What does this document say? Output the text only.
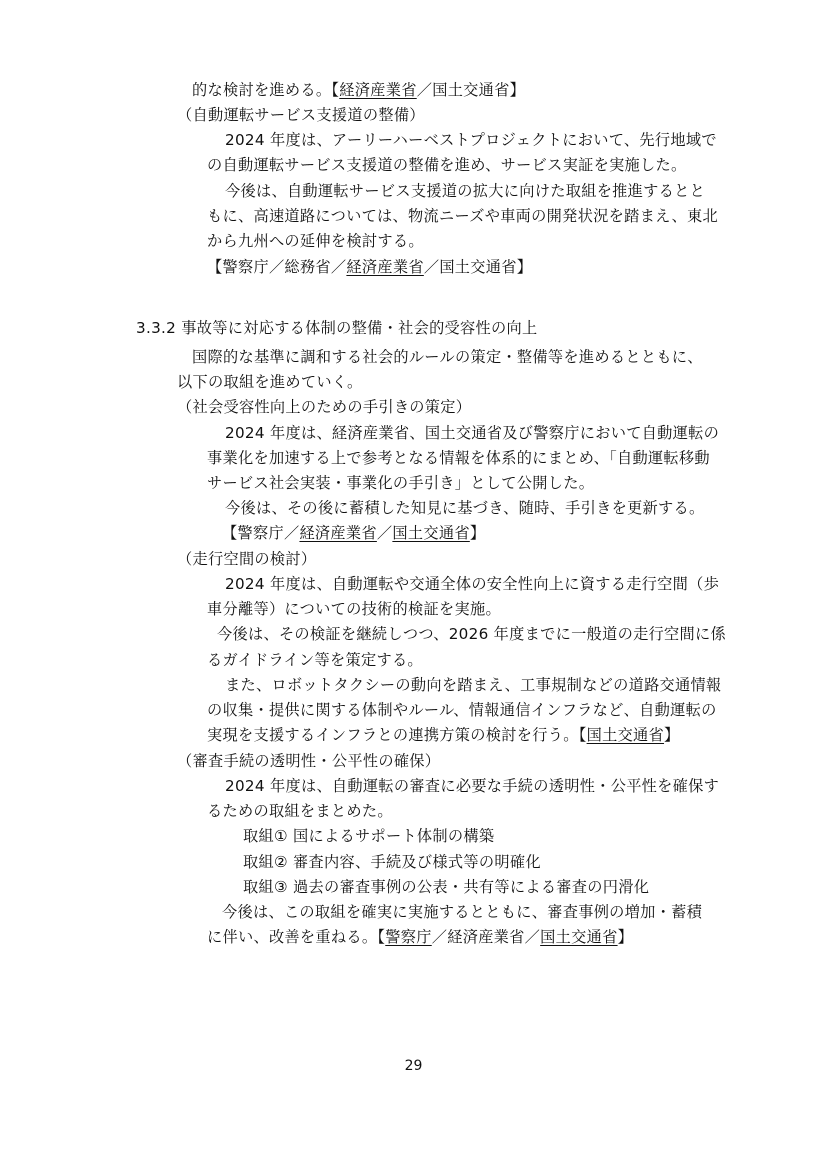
的な検討を進める。【経済産業省／国土交通省】
（自動運転サービス支援道の整備）
2024 年度は、アーリーハーベストプロジェクトにおいて、先行地域で
の自動運転サービス支援道の整備を進め、サービス実証を実施した。
今後は、自動運転サービス支援道の拡大に向けた取組を推進するとと
もに、高速道路については、物流ニーズや車両の開発状況を踏まえ、東北
から九州への延伸を検討する。
【警察庁／総務省／経済産業省／国土交通省】
3.3.2 事故等に対応する体制の整備・社会的受容性の向上
国際的な基準に調和する社会的ルールの策定・整備等を進めるとともに、
以下の取組を進めていく。
（社会受容性向上のための手引きの策定）
2024 年度は、経済産業省、国土交通省及び警察庁において自動運転の
事業化を加速する上で参考となる情報を体系的にまとめ、「自動運転移動
サービス社会実装・事業化の手引き」として公開した。
今後は、その後に蓄積した知見に基づき、随時、手引きを更新する。
【警察庁／経済産業省／国土交通省】
（走行空間の検討）
2024 年度は、自動運転や交通全体の安全性向上に資する走行空間（歩
車分離等）についての技術的検証を実施。
今後は、その検証を継続しつつ、2026 年度までに一般道の走行空間に係
るガイドライン等を策定する。
また、ロボットタクシーの動向を踏まえ、工事規制などの道路交通情報
の収集・提供に関する体制やルール、情報通信インフラなど、自動運転の
実現を支援するインフラとの連携方策の検討を行う。【国土交通省】
（審査手続の透明性・公平性の確保）
2024 年度は、自動運転の審査に必要な手続の透明性・公平性を確保す
るための取組をまとめた。
取組① 国によるサポート体制の構築
取組② 審査内容、手続及び様式等の明確化
取組③ 過去の審査事例の公表・共有等による審査の円滑化
今後は、この取組を確実に実施するとともに、審査事例の増加・蓄積
に伴い、改善を重ねる。【警察庁／経済産業省／国土交通省】
29
